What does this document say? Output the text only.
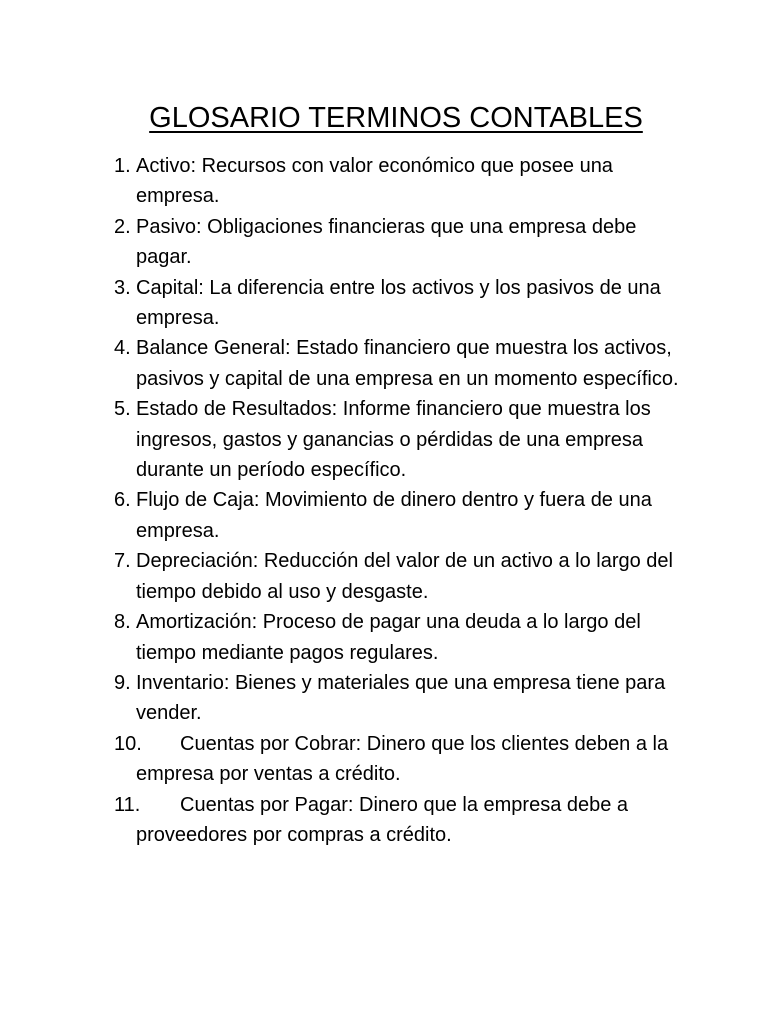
GLOSARIO TERMINOS CONTABLES
1. Activo: Recursos con valor económico que posee una empresa.
2. Pasivo: Obligaciones financieras que una empresa debe pagar.
3. Capital: La diferencia entre los activos y los pasivos de una empresa.
4. Balance General: Estado financiero que muestra los activos, pasivos y capital de una empresa en un momento específico.
5. Estado de Resultados: Informe financiero que muestra los ingresos, gastos y ganancias o pérdidas de una empresa durante un período específico.
6. Flujo de Caja: Movimiento de dinero dentro y fuera de una empresa.
7. Depreciación: Reducción del valor de un activo a lo largo del tiempo debido al uso y desgaste.
8. Amortización: Proceso de pagar una deuda a lo largo del tiempo mediante pagos regulares.
9. Inventario: Bienes y materiales que una empresa tiene para vender.
10.	Cuentas por Cobrar: Dinero que los clientes deben a la empresa por ventas a crédito.
11.	Cuentas por Pagar: Dinero que la empresa debe a proveedores por compras a crédito.
